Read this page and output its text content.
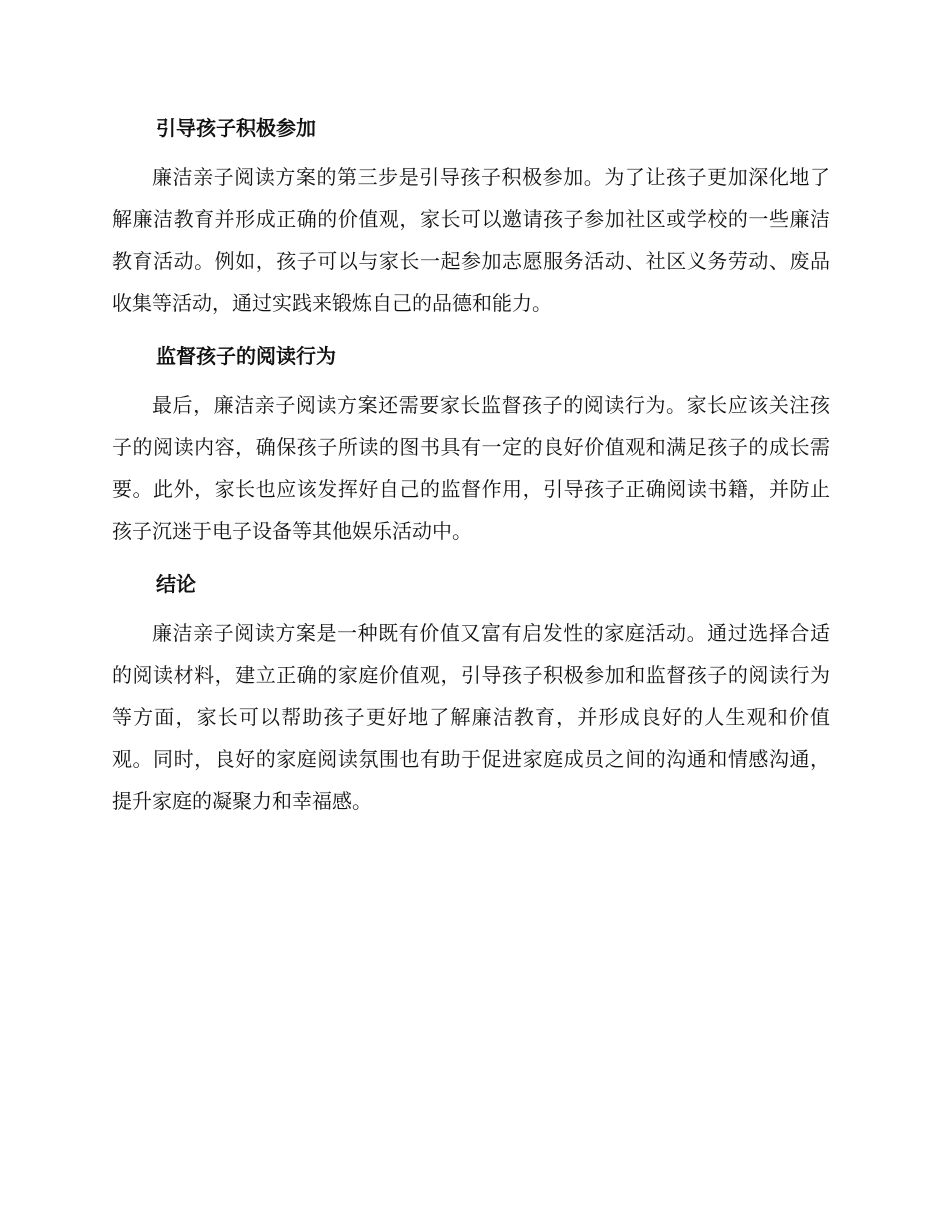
引导孩子积极参加

廉洁亲子阅读方案的第三步是引导孩子积极参加。为了让孩子更加深化地了解廉洁教育并形成正确的价值观，家长可以邀请孩子参加社区或学校的一些廉洁教育活动。例如，孩子可以与家长一起参加志愿服务活动、社区义务劳动、废品收集等活动，通过实践来锻炼自己的品德和能力。

监督孩子的阅读行为

最后，廉洁亲子阅读方案还需要家长监督孩子的阅读行为。家长应该关注孩子的阅读内容，确保孩子所读的图书具有一定的良好价值观和满足孩子的成长需要。此外，家长也应该发挥好自己的监督作用，引导孩子正确阅读书籍，并防止孩子沉迷于电子设备等其他娱乐活动中。

结论

廉洁亲子阅读方案是一种既有价值又富有启发性的家庭活动。通过选择合适的阅读材料，建立正确的家庭价值观，引导孩子积极参加和监督孩子的阅读行为等方面，家长可以帮助孩子更好地了解廉洁教育，并形成良好的人生观和价值观。同时，良好的家庭阅读氛围也有助于促进家庭成员之间的沟通和情感沟通，提升家庭的凝聚力和幸福感。
